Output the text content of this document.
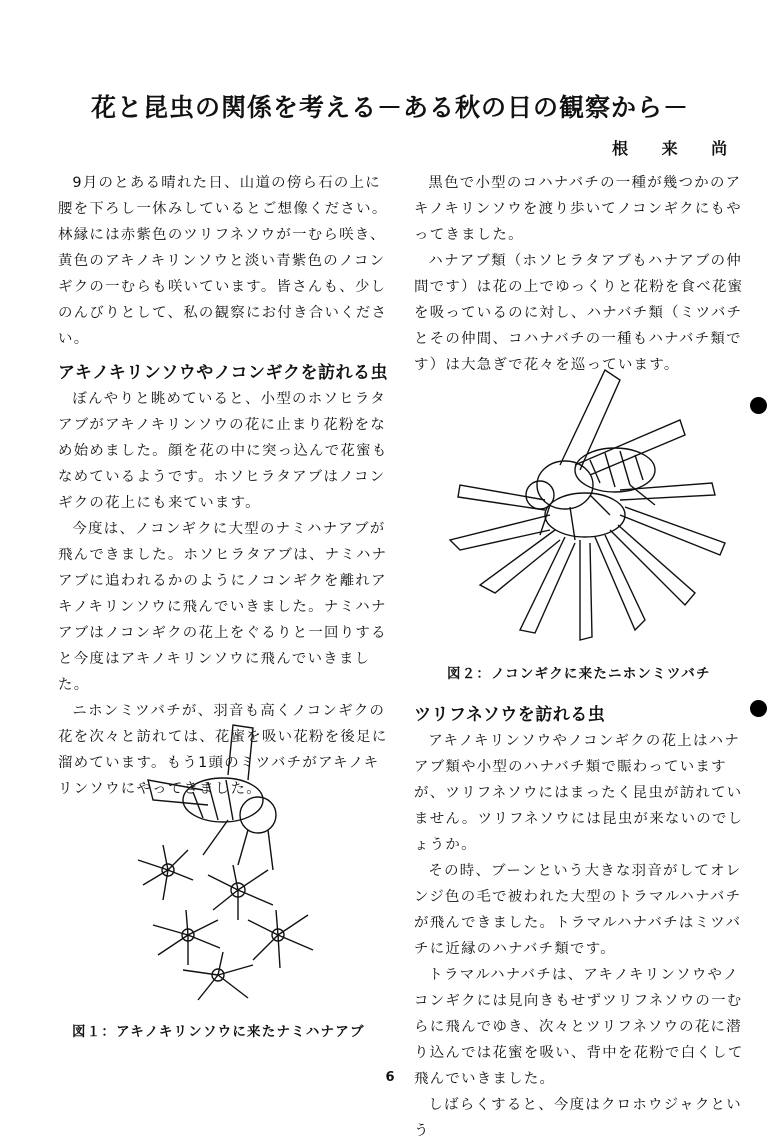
花と昆虫の関係を考える－ある秋の日の観察から－
根 来 尚

9月のとある晴れた日、山道の傍ら石の上に腰を下ろし一休みしているとご想像ください。林縁には赤紫色のツリフネソウが一むら咲き、黄色のアキノキリンソウと淡い青紫色のノコンギクの一むらも咲いています。皆さんも、少しのんびりとして、私の観察にお付き合いください。

アキノキリンソウやノコンギクを訪れる虫

ぼんやりと眺めていると、小型のホソヒラタアブがアキノキリンソウの花に止まり花粉をなめ始めました。顔を花の中に突っ込んで花蜜もなめているようです。ホソヒラタアブはノコンギクの花上にも来ています。

今度は、ノコンギクに大型のナミハナアブが飛んできました。ホソヒラタアブは、ナミハナアブに追われるかのようにノコンギクを離れアキノキリンソウに飛んでいきました。ナミハナアブはノコンギクの花上をぐるりと一回りすると今度はアキノキリンソウに飛んでいきました。

ニホンミツバチが、羽音も高くノコンギクの花を次々と訪れては、花蜜を吸い花粉を後足に溜めています。もう1頭のミツバチがアキノキリンソウにやってきました。

黒色で小型のコハナバチの一種が幾つかのアキノキリンソウを渡り歩いてノコンギクにもやってきました。

ハナアブ類（ホソヒラタアブもハナアブの仲間です）は花の上でゆっくりと花粉を食べ花蜜を吸っているのに対し、ハナバチ類（ミツバチとその仲間、コハナバチの一種もハナバチ類です）は大急ぎで花々を巡っています。

ツリフネソウを訪れる虫

アキノキリンソウやノコンギクの花上はハナアブ類や小型のハナバチ類で賑わっていますが、ツリフネソウにはまったく昆虫が訪れていません。ツリフネソウには昆虫が来ないのでしょうか。

その時、ブーンという大きな羽音がしてオレンジ色の毛で被われた大型のトラマルハナバチが飛んできました。トラマルハナバチはミツバチに近縁のハナバチ類です。

トラマルハナバチは、アキノキリンソウやノコンギクには見向きもせずツリフネソウの一むらに飛んでゆき、次々とツリフネソウの花に潜り込んでは花蜜を吸い、背中を花粉で白くして飛んでいきました。

しばらくすると、今度はクロホウジャクという

図２：ノコンギクに来たニホンミツバチ
図１：アキノキリンソウに来たナミハナアブ
6
